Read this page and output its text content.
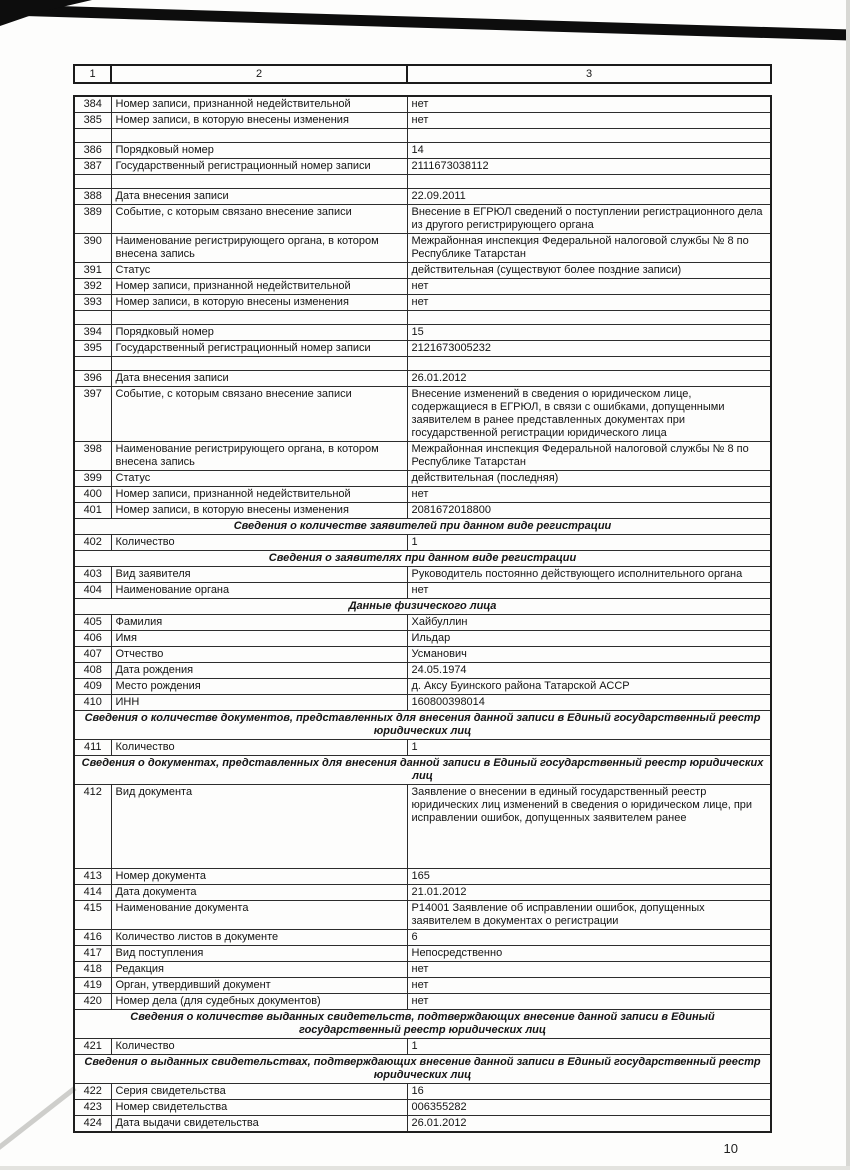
1	2	3
384	Номер записи, признанной недействительной	нет
385	Номер записи, в которую внесены изменения	нет

386	Порядковый номер	14
387	Государственный регистрационный номер записи	2111673038112

388	Дата внесения записи	22.09.2011
389	Событие, с которым связано внесение записи	Внесение в ЕГРЮЛ сведений о поступлении регистрационного дела из другого регистрирующего органа
390	Наименование регистрирующего органа, в котором внесена запись	Межрайонная инспекция Федеральной налоговой службы № 8 по Республике Татарстан
391	Статус	действительная (существуют более поздние записи)
392	Номер записи, признанной недействительной	нет
393	Номер записи, в которую внесены изменения	нет

394	Порядковый номер	15
395	Государственный регистрационный номер записи	2121673005232

396	Дата внесения записи	26.01.2012
397	Событие, с которым связано внесение записи	Внесение изменений в сведения о юридическом лице, содержащиеся в ЕГРЮЛ, в связи с ошибками, допущенными заявителем в ранее представленных документах при государственной регистрации юридического лица
398	Наименование регистрирующего органа, в котором внесена запись	Межрайонная инспекция Федеральной налоговой службы № 8 по Республике Татарстан
399	Статус	действительная (последняя)
400	Номер записи, признанной недействительной	нет
401	Номер записи, в которую внесены изменения	2081672018800
Сведения о количестве заявителей при данном виде регистрации		
402	Количество	1
Сведения о заявителях при данном виде регистрации		
403	Вид заявителя	Руководитель постоянно действующего исполнительного органа
404	Наименование органа	нет
Данные физического лица		
405	Фамилия	Хайбуллин
406	Имя	Ильдар
407	Отчество	Усманович
408	Дата рождения	24.05.1974
409	Место рождения	д. Аксу Буинского района Татарской АССР
410	ИНН	160800398014
Сведения о количестве документов, представленных для внесения данной записи в Единый государственный реестр юридических лиц		
411	Количество	1
Сведения о документах, представленных для внесения данной записи в Единый государственный реестр юридических лиц		
412	Вид документа	Заявление о внесении в единый государственный реестр юридических лиц изменений в сведения о юридическом лице, при исправлении ошибок, допущенных заявителем ранее
413	Номер документа	165
414	Дата документа	21.01.2012
415	Наименование документа	Р14001 Заявление об исправлении ошибок, допущенных заявителем в документах о регистрации
416	Количество листов в документе	6
417	Вид поступления	Непосредственно
418	Редакция	нет
419	Орган, утвердивший документ	нет
420	Номер дела (для судебных документов)	нет
Сведения о количестве выданных свидетельств, подтверждающих внесение данной записи в Единый государственный реестр юридических лиц		
421	Количество	1
Сведения о выданных свидетельствах, подтверждающих внесение данной записи в Единый государственный реестр юридических лиц		
422	Серия свидетельства	16
423	Номер свидетельства	006355282
424	Дата выдачи свидетельства	26.01.2012
10
